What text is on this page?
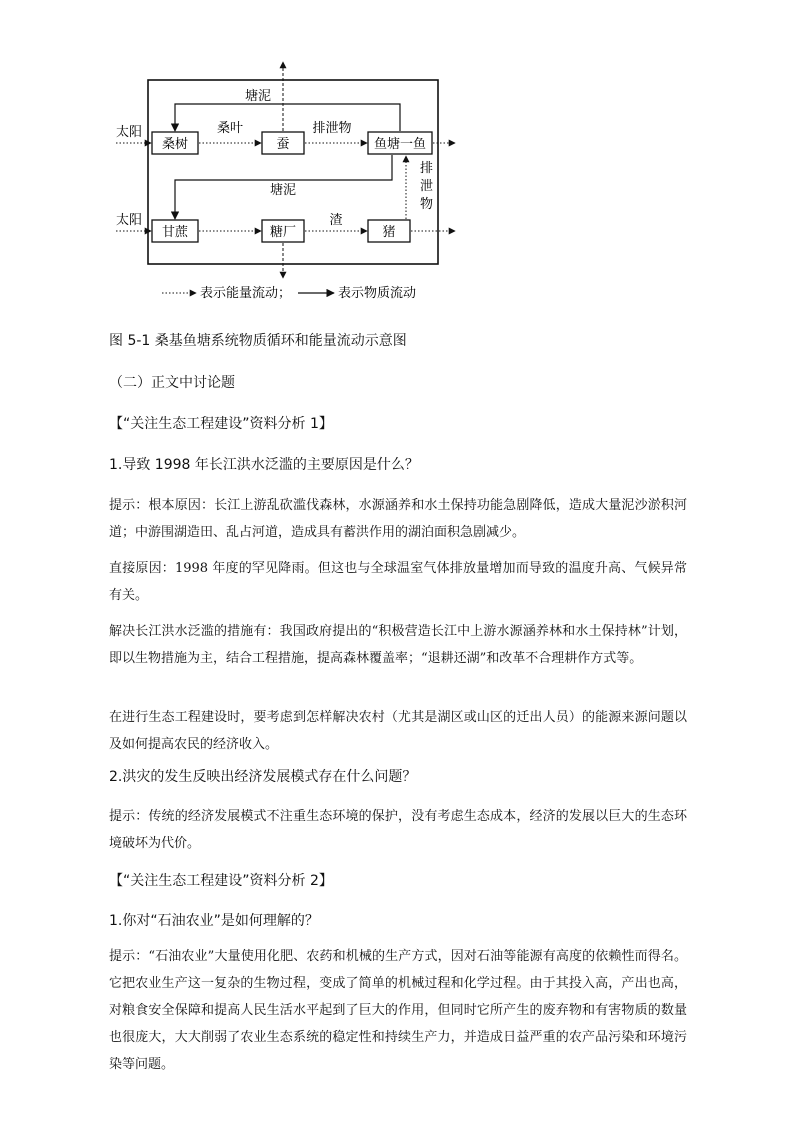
桑树	蚕	鱼塘一鱼
甘蔗	糖厂	猪
太阳
太阳
桑叶	排泄物
塘泥
塘泥
排
泄
物
渣
表示能量流动；	表示物质流动
图 5-1 桑基鱼塘系统物质循环和能量流动示意图
（二）正文中讨论题
【“关注生态工程建设”资料分析 1】
1.导致 1998 年长江洪水泛滥的主要原因是什么？
提示：根本原因：长江上游乱砍滥伐森林，水源涵养和水土保持功能急剧降低，造成大量泥沙淤积河道；中游围湖造田、乱占河道，造成具有蓄洪作用的湖泊面积急剧减少。
直接原因：1998 年度的罕见降雨。但这也与全球温室气体排放量增加而导致的温度升高、气候异常有关。
解决长江洪水泛滥的措施有：我国政府提出的“积极营造长江中上游水源涵养林和水土保持林”计划，即以生物措施为主，结合工程措施，提高森林覆盖率；“退耕还湖”和改革不合理耕作方式等。
在进行生态工程建设时，要考虑到怎样解决农村（尤其是湖区或山区的迁出人员）的能源来源问题以及如何提高农民的经济收入。
2.洪灾的发生反映出经济发展模式存在什么问题？
提示：传统的经济发展模式不注重生态环境的保护，没有考虑生态成本，经济的发展以巨大的生态环境破坏为代价。
【“关注生态工程建设”资料分析 2】
1.你对“石油农业”是如何理解的？
提示：“石油农业”大量使用化肥、农药和机械的生产方式，因对石油等能源有高度的依赖性而得名。它把农业生产这一复杂的生物过程，变成了简单的机械过程和化学过程。由于其投入高，产出也高，对粮食安全保障和提高人民生活水平起到了巨大的作用，但同时它所产生的废弃物和有害物质的数量也很庞大，大大削弱了农业生态系统的稳定性和持续生产力，并造成日益严重的农产品污染和环境污染等问题。
